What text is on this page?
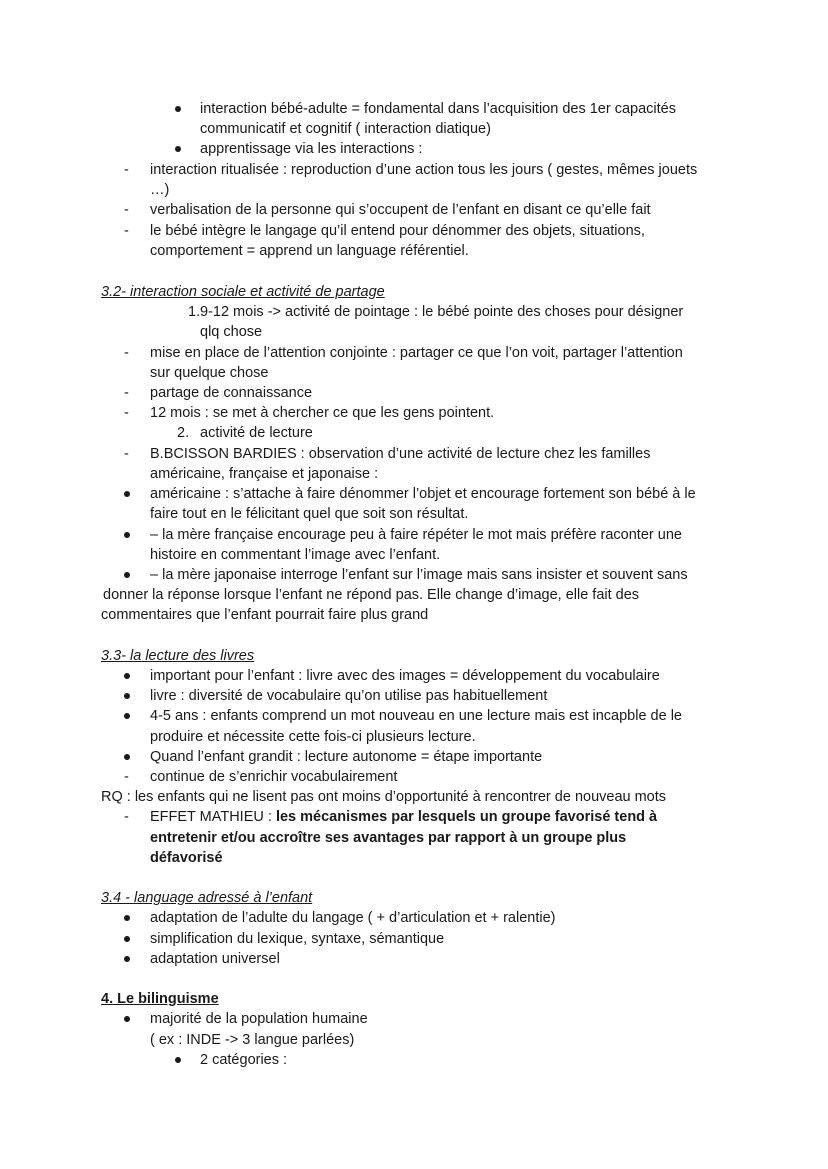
interaction bébé-adulte = fondamental dans l’acquisition des 1er capacités
communicatif et cognitif ( interaction diatique)
apprentissage via les interactions :
- interaction ritualisée : reproduction d’une action tous les jours ( gestes, mêmes jouets
…)
- verbalisation de la personne qui s’occupent de l’enfant en disant ce qu’elle fait
- le bébé intègre le langage qu’il entend pour dénommer des objets, situations,
comportement = apprend un language référentiel.
3.2- interaction sociale et activité de partage
1. 9-12 mois -> activité de pointage : le bébé pointe des choses pour désigner
qlq chose
- mise en place de l’attention conjointe : partager ce que l’on voit, partager l’attention
sur quelque chose
- partage de connaissance
- 12 mois : se met à chercher ce que les gens pointent.
2. activité de lecture
- B.BCISSON BARDIES : observation d’une activité de lecture chez les familles
américaine, française et japonaise :
américaine : s’attache à faire dénommer l’objet et encourage fortement son bébé à le
faire tout en le félicitant quel que soit son résultat.
– la mère française encourage peu à faire répéter le mot mais préfère raconter une
histoire en commentant l’image avec l’enfant.
– la mère japonaise interroge l’enfant sur l’image mais sans insister et souvent sans
donner la réponse lorsque l’enfant ne répond pas. Elle change d’image, elle fait des
commentaires que l’enfant pourrait faire plus grand
3.3- la lecture des livres
important pour l’enfant : livre avec des images = développement du vocabulaire
livre : diversité de vocabulaire qu’on utilise pas habituellement
4-5 ans : enfants comprend un mot nouveau en une lecture mais est incapble de le
produire et nécessite cette fois-ci plusieurs lecture.
Quand l’enfant grandit : lecture autonome = étape importante
- continue de s’enrichir vocabulairement
RQ : les enfants qui ne lisent pas ont moins d’opportunité à rencontrer de nouveau mots
- EFFET MATHIEU : les mécanismes par lesquels un groupe favorisé tend à
entretenir et/ou accroître ses avantages par rapport à un groupe plus
défavorisé
3.4 - language adressé à l’enfant
adaptation de l’adulte du langage ( + d’articulation et + ralentie)
simplification du lexique, syntaxe, sémantique
adaptation universel
4. Le bilinguisme
majorité de la population humaine
( ex : INDE -> 3 langue parlées)
2 catégories :
